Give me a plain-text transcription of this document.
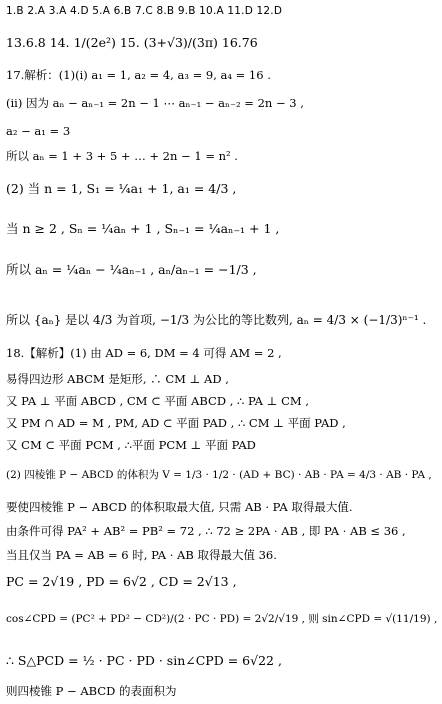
1.B 2.A 3.A 4.D 5.A 6.B 7.C 8.B 9.B 10.A 11.D 12.D
13.6.8 14. 1/(2e²) 15. (3+√3)/(3π) 16.76
17.解析：(1)(i) a₁ = 1, a₂ = 4, a₃ = 9, a₄ = 16 .
(ii) 因为 aₙ − aₙ₋₁ = 2n − 1 ⋯ aₙ₋₁ − aₙ₋₂ = 2n − 3 ,
a₂ − a₁ = 3
所以 aₙ = 1 + 3 + 5 + … + 2n − 1 = n² .
(2) 当 n = 1, S₁ = ¼a₁ + 1, a₁ = 4/3 ,
当 n ≥ 2 , Sₙ = ¼aₙ + 1 , Sₙ₋₁ = ¼aₙ₋₁ + 1 ,
所以 aₙ = ¼aₙ − ¼aₙ₋₁ , aₙ/aₙ₋₁ = −1/3 ,
所以 {aₙ} 是以 4/3 为首项, −1/3 为公比的等比数列, aₙ = 4/3 × (−1/3)ⁿ⁻¹ .
18.【解析】(1) 由 AD = 6, DM = 4 可得 AM = 2 ,
易得四边形 ABCM 是矩形, ∴ CM ⊥ AD ,
又 PA ⊥ 平面 ABCD , CM ⊂ 平面 ABCD , ∴ PA ⊥ CM ,
又 PM ∩ AD = M , PM, AD ⊂ 平面 PAD , ∴ CM ⊥ 平面 PAD ,
又 CM ⊂ 平面 PCM , ∴平面 PCM ⊥ 平面 PAD
(2) 四棱锥 P − ABCD 的体积为 V = 1/3 · 1/2 · (AD + BC) · AB · PA = 4/3 · AB · PA ,
要使四棱锥 P − ABCD 的体积取最大值, 只需 AB · PA 取得最大值.
由条件可得 PA² + AB² = PB² = 72 , ∴ 72 ≥ 2PA · AB , 即 PA · AB ≤ 36 ,
当且仅当 PA = AB = 6 时, PA · AB 取得最大值 36.
PC = 2√19 , PD = 6√2 , CD = 2√13 ,
cos∠CPD = (PC² + PD² − CD²)/(2 · PC · PD) = 2√2/√19 , 则 sin∠CPD = √(11/19) ,
∴ S△PCD = ½ · PC · PD · sin∠CPD = 6√22 ,
则四棱锥 P − ABCD 的表面积为
